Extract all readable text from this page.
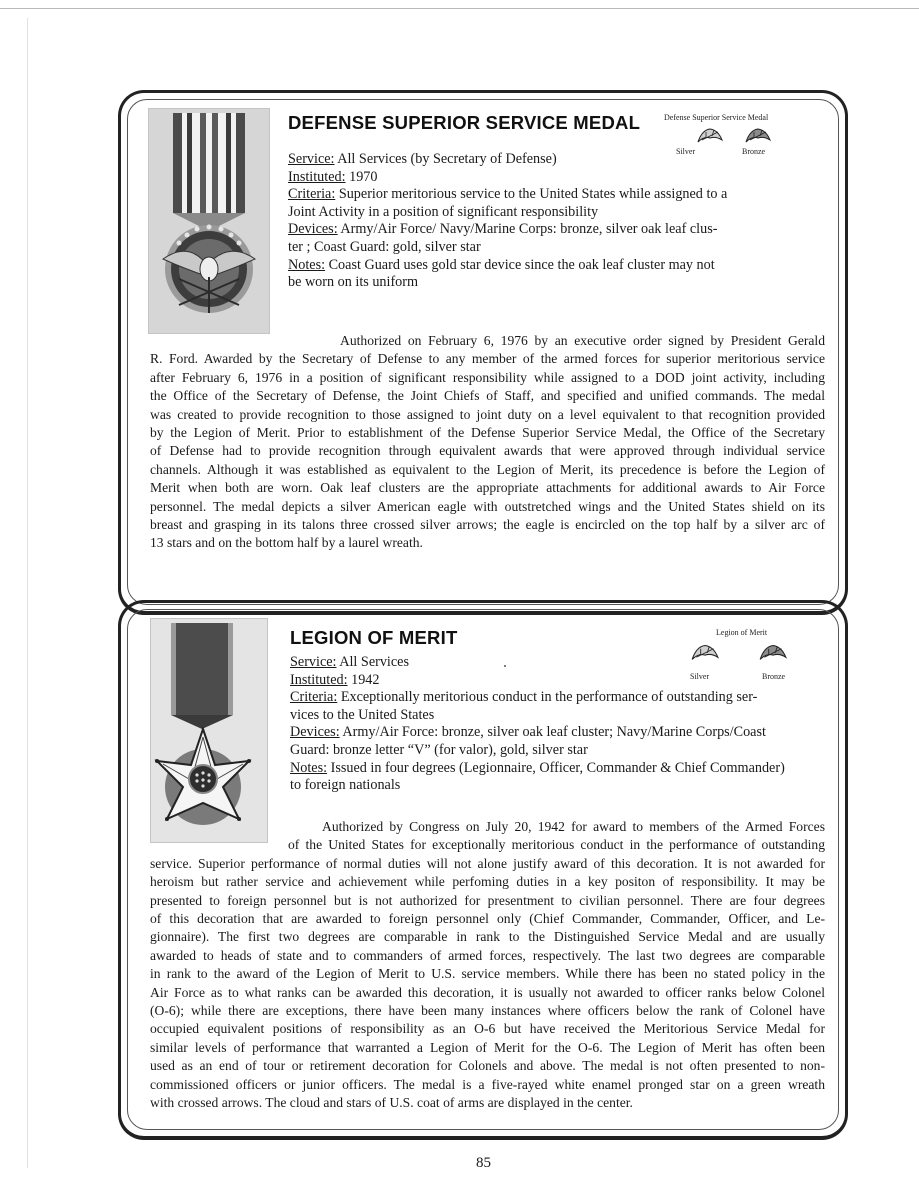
DEFENSE SUPERIOR SERVICE MEDAL	Defense Superior Service Medal
Silver	Bronze
Service: All Services (by Secretary of Defense)
Instituted: 1970
Criteria: Superior meritorious service to the United States while assigned to a
Joint Activity in a position of significant responsibility
Devices: Army/Air Force/ Navy/Marine Corps: bronze, silver oak leaf clus-
ter ; Coast Guard: gold, silver star
Notes: Coast Guard uses gold star device since the oak leaf cluster may not
be worn on its uniform
Authorized on February 6, 1976 by an executive order signed by President Gerald
R. Ford. Awarded by the Secretary of Defense to any member of the armed forces for superior meritorious service
after February 6, 1976 in a position of significant responsibility while assigned to a DOD joint activity, including
the Office of the Secretary of Defense, the Joint Chiefs of Staff, and specified and unified commands. The medal
was created to provide recognition to those assigned to joint duty on a level equivalent to that recognition provided
by the Legion of Merit. Prior to establishment of the Defense Superior Service Medal, the Office of the Secretary
of Defense had to provide recognition through equivalent awards that were approved through individual service
channels. Although it was established as equivalent to the Legion of Merit, its precedence is before the Legion of
Merit when both are worn. Oak leaf clusters are the appropriate attachments for additional awards to Air Force
personnel. The medal depicts a silver American eagle with outstretched wings and the United States shield on its
breast and grasping in its talons three crossed silver arrows; the eagle is encircled on the top half by a silver arc of
13 stars and on the bottom half by a laurel wreath.
LEGION OF MERIT	Legion of Merit
Silver	Bronze
Service: All Services
Instituted: 1942
Criteria: Exceptionally meritorious conduct in the performance of outstanding ser-
vices to the United States
Devices: Army/Air Force: bronze, silver oak leaf cluster; Navy/Marine Corps/Coast
Guard: bronze letter “V” (for valor), gold, silver star
Notes: Issued in four degrees (Legionnaire, Officer, Commander & Chief Commander)
to foreign nationals
Authorized by Congress on July 20, 1942 for award to members of the Armed Forces
of the United States for exceptionally meritorious conduct in the performance of outstanding
service. Superior performance of normal duties will not alone justify award of this decoration. It is not awarded for
heroism but rather service and achievement while perfoming duties in a key positon of responsibility. It may be
presented to foreign personnel but is not authorized for presentment to civilian personnel. There are four degrees
of this decoration that are awarded to foreign personnel only (Chief Commander, Commander, Officer, and Le-
gionnaire). The first two degrees are comparable in rank to the Distinguished Service Medal and are usually
awarded to heads of state and to commanders of armed forces, respectively. The last two degrees are comparable
in rank to the award of the Legion of Merit to U.S. service members. While there has been no stated policy in the
Air Force as to what ranks can be awarded this decoration, it is usually not awarded to officer ranks below Colonel
(O-6); while there are exceptions, there have been many instances where officers below the rank of Colonel have
occupied equivalent positions of responsibility as an O-6 but have received the Meritorious Service Medal for
similar levels of performance that warranted a Legion of Merit for the O-6. The Legion of Merit has often been
used as an end of tour or retirement decoration for Colonels and above. The medal is not often presented to non-
commissioned officers or junior officers. The medal is a five-rayed white enamel pronged star on a green wreath
with crossed arrows. The cloud and stars of U.S. coat of arms are displayed in the center.
85
